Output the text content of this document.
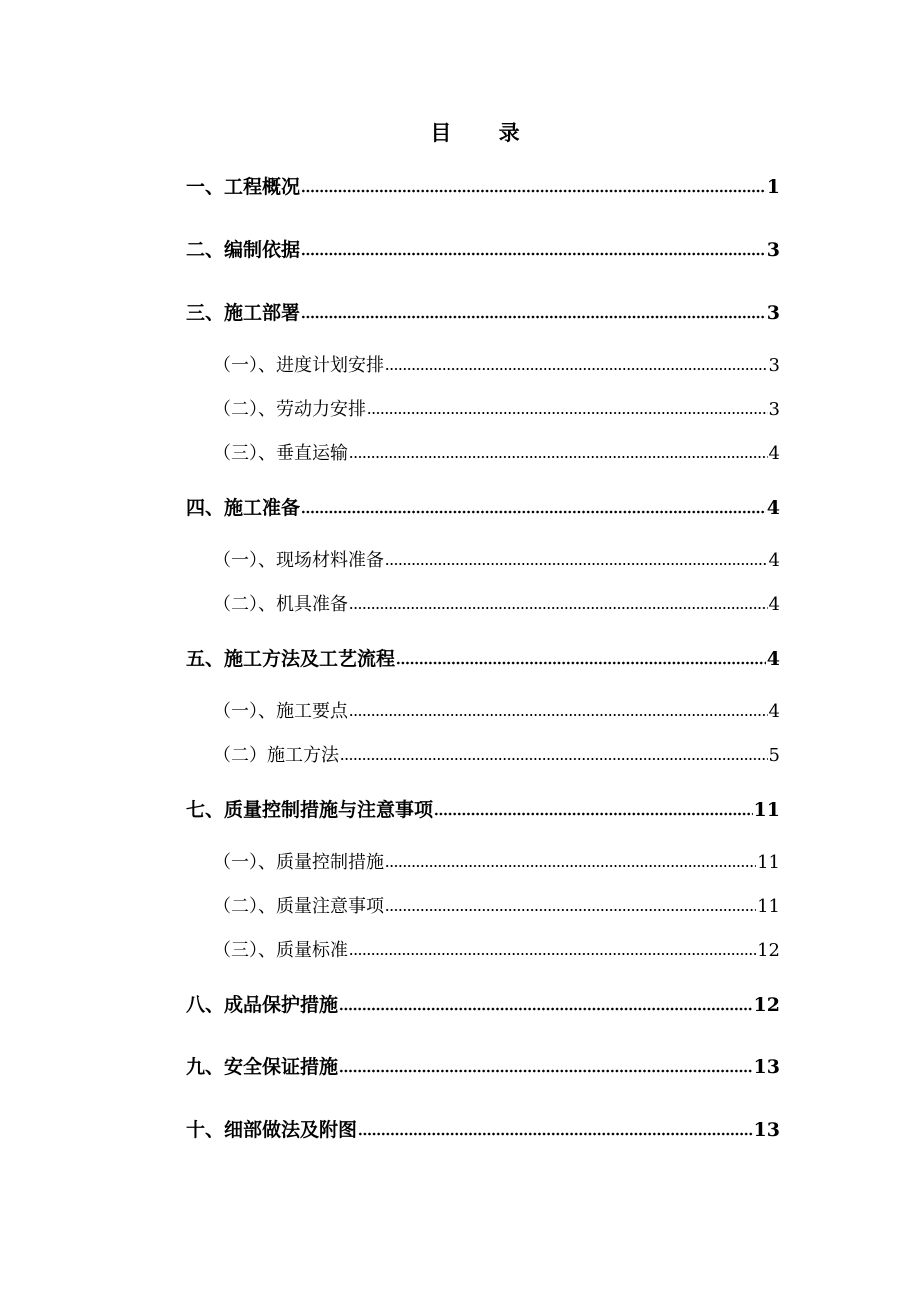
目 录
一、工程概况	1
二、编制依据	3
三、施工部署	3
（一）、进度计划安排	3
（二）、劳动力安排	3
（三）、垂直运输	4
四、施工准备	4
（一）、现场材料准备	4
（二）、机具准备	4
五、施工方法及工艺流程	4
（一）、施工要点	4
（二）施工方法	5
七、质量控制措施与注意事项	11
（一）、质量控制措施	11
（二）、质量注意事项	11
（三）、质量标准	12
八、成品保护措施	12
九、安全保证措施	13
十、细部做法及附图	13
